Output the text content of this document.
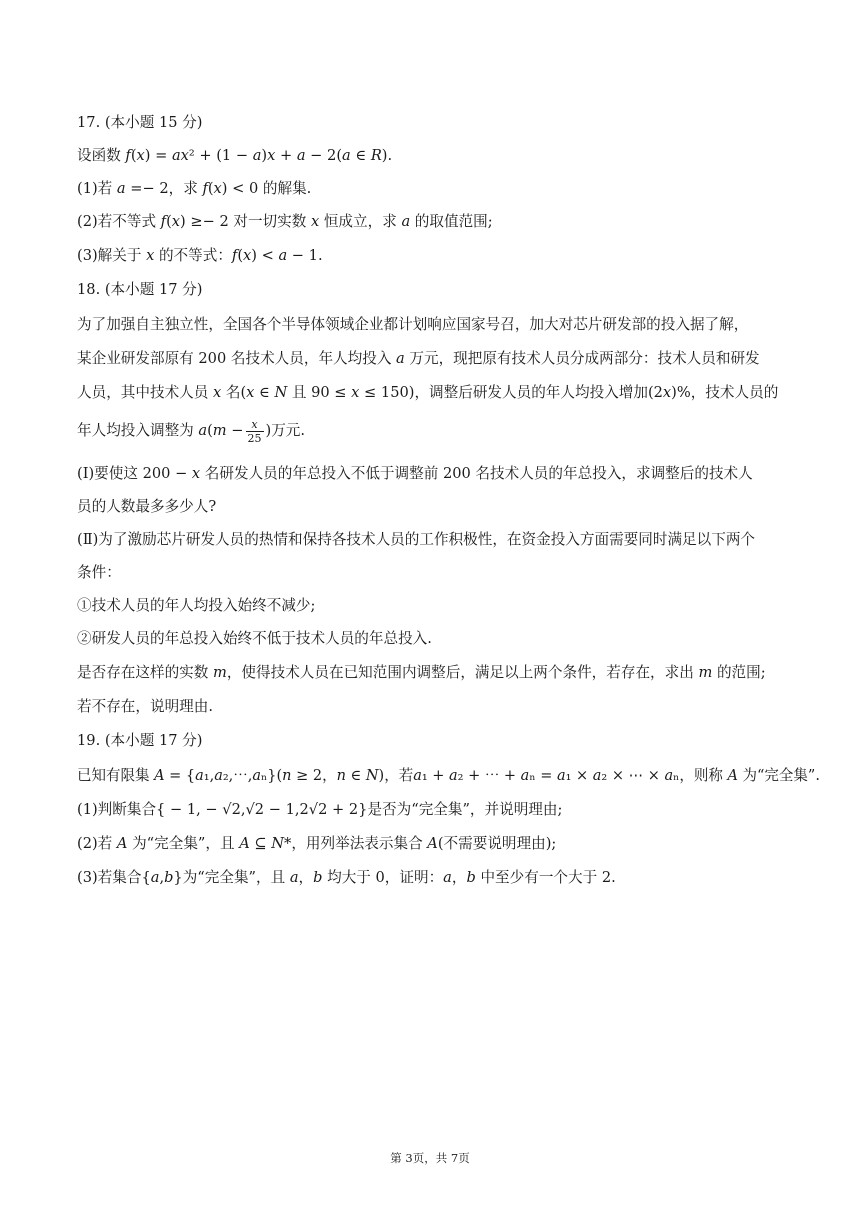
17. (本小题 15 分)
设函数 𝑓(𝑥) = 𝑎𝑥² + (1 − 𝑎)𝑥 + 𝑎 − 2(𝑎 ∈ 𝑅).
(1)若 𝑎 =− 2，求 𝑓(𝑥) < 0 的解集.
(2)若不等式 𝑓(𝑥) ≥− 2 对一切实数 𝑥 恒成立，求 𝑎 的取值范围;
(3)解关于 𝑥 的不等式：𝑓(𝑥) < 𝑎 − 1.
18. (本小题 17 分)
为了加强自主独立性，全国各个半导体领域企业都计划响应国家号召，加大对芯片研发部的投入据了解，
某企业研发部原有 200 名技术人员，年人均投入 𝑎 万元，现把原有技术人员分成两部分：技术人员和研发
人员，其中技术人员 𝑥 名(𝑥 ∈ 𝑁 且 90 ≤ 𝑥 ≤ 150)，调整后研发人员的年人均投入增加(2𝑥)%，技术人员的
年人均投入调整为 𝑎(𝑚 − 𝑥
25 )万元.
(Ⅰ)要使这 200 − 𝑥 名研发人员的年总投入不低于调整前 200 名技术人员的年总投入，求调整后的技术人
员的人数最多多少人?
(Ⅱ)为了激励芯片研发人员的热情和保持各技术人员的工作积极性，在资金投入方面需要同时满足以下两个
条件：
①技术人员的年人均投入始终不减少;
②研发人员的年总投入始终不低于技术人员的年总投入.
是否存在这样的实数 𝑚，使得技术人员在已知范围内调整后，满足以上两个条件，若存在，求出 𝑚 的范围;
若不存在，说明理由.
19. (本小题 17 分)
已知有限集 𝐴 = {𝑎₁,𝑎₂,⋯,𝑎ₙ}(𝑛 ≥ 2，𝑛 ∈ 𝑁)，若𝑎₁ + 𝑎₂ + ⋯ + 𝑎ₙ = 𝑎₁ × 𝑎₂ × ⋯ × 𝑎ₙ，则称 𝐴 为“完全集”.
(1)判断集合{ − 1, − √2,√2 − 1,2√2 + 2}是否为“完全集”，并说明理由;
(2)若 𝐴 为“完全集”，且 𝐴 ⊆ 𝑁*，用列举法表示集合 𝐴(不需要说明理由);
(3)若集合{𝑎,𝑏}为“完全集”，且 𝑎，𝑏 均大于 0，证明：𝑎，𝑏 中至少有一个大于 2.
第 3页，共 7页
